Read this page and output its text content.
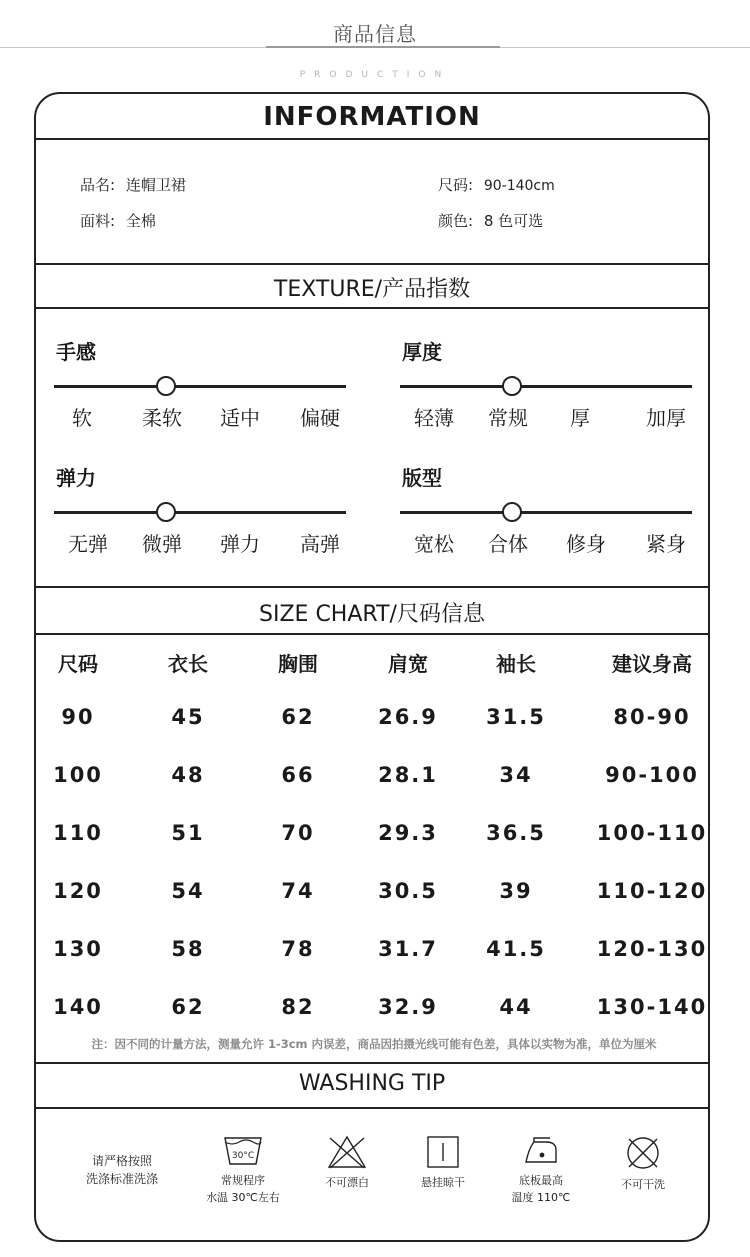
商品信息
PRODUCTION
INFORMATION
品名: 连帽卫裙	尺码: 90-140cm
面料: 全棉	颜色: 8 色可选
TEXTURE/产品指数
手感
软	柔软 适中 偏硬
厚度
轻薄 常规 厚	加厚
弹力
无弹 微弹 弹力 高弹
版型
宽松 合体 修身 紧身
SIZE CHART/尺码信息
尺码	衣长	胸围	肩宽	袖长	建议身高
90	45	62	26.9	31.5	80-90
100	48	66	28.1	34	90-100
110	51	70	29.3	36.5	100-110
120	54	74	30.5	39	110-120
130	58	78	31.7	41.5	120-130
140	62	82	32.9	44	130-140
注：因不同的计量方法，测量允许 1-3cm 内误差，商品因拍摄光线可能有色差，具体以实物为准，单位为厘米
WASHING TIP
请严格按照
洗涤标准洗涤
30°C
常规程序
水温 30℃左右
不可漂白	悬挂晾干	底板最高
温度 110℃
不可干洗
